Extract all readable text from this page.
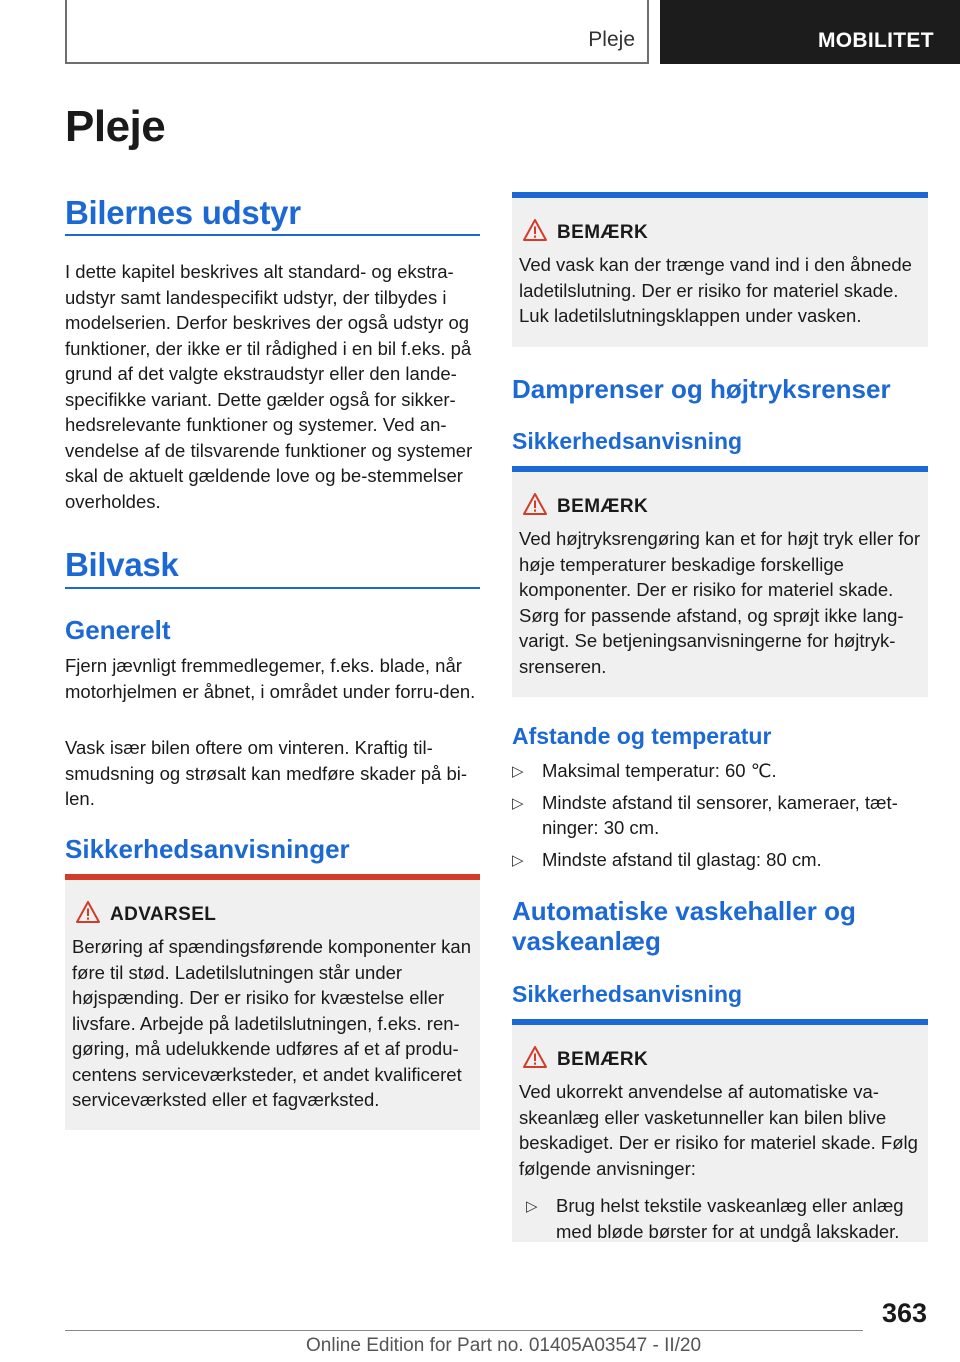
Pleje	MOBILITET
Pleje
Bilernes udstyr
I dette kapitel beskrives alt standard- og ekstra-udstyr samt landespecifikt udstyr, der tilbydes i modelserien. Derfor beskrives der også udstyr og funktioner, der ikke er til rådighed i en bil f.eks. på grund af det valgte ekstraudstyr eller den lande-specifikke variant. Dette gælder også for sikker-hedsrelevante funktioner og systemer. Ved an-vendelse af de tilsvarende funktioner og systemer skal de aktuelt gældende love og be-stemmelser overholdes.
Bilvask
Generelt
Fjern jævnligt fremmedlegemer, f.eks. blade, når motorhjelmen er åbnet, i området under forru-den.
Vask især bilen oftere om vinteren. Kraftig til-smudsning og strøsalt kan medføre skader på bi-len.
Sikkerhedsanvisninger
ADVARSEL
Berøring af spændingsførende komponenter kan føre til stød. Ladetilslutningen står under højspænding. Der er risiko for kvæstelse eller livsfare. Arbejde på ladetilslutningen, f.eks. ren-gøring, må udelukkende udføres af et af produ-centens serviceværksteder, et andet kvalificeret serviceværksted eller et fagværksted.
BEMÆRK
Ved vask kan der trænge vand ind i den åbnede ladetilslutning. Der er risiko for materiel skade. Luk ladetilslutningsklappen under vasken.
Damprenser og højtryksrenser
Sikkerhedsanvisning
BEMÆRK
Ved højtryksrengøring kan et for højt tryk eller for høje temperaturer beskadige forskellige komponenter. Der er risiko for materiel skade. Sørg for passende afstand, og sprøjt ikke lang-varigt. Se betjeningsanvisningerne for højtryk-srenseren.
Afstande og temperatur
▷ Maksimal temperatur: 60 ℃.
▷ Mindste afstand til sensorer, kameraer, tæt-ninger: 30 cm.
▷ Mindste afstand til glastag: 80 cm.
Automatiske vaskehaller og vaskeanlæg
Sikkerhedsanvisning
BEMÆRK
Ved ukorrekt anvendelse af automatiske va-skeanlæg eller vasketunneller kan bilen blive beskadiget. Der er risiko for materiel skade. Følg følgende anvisninger:
▷ Brug helst tekstile vaskeanlæg eller anlæg med bløde børster for at undgå lakskader.
363
Online Edition for Part no. 01405A03547 - II/20
